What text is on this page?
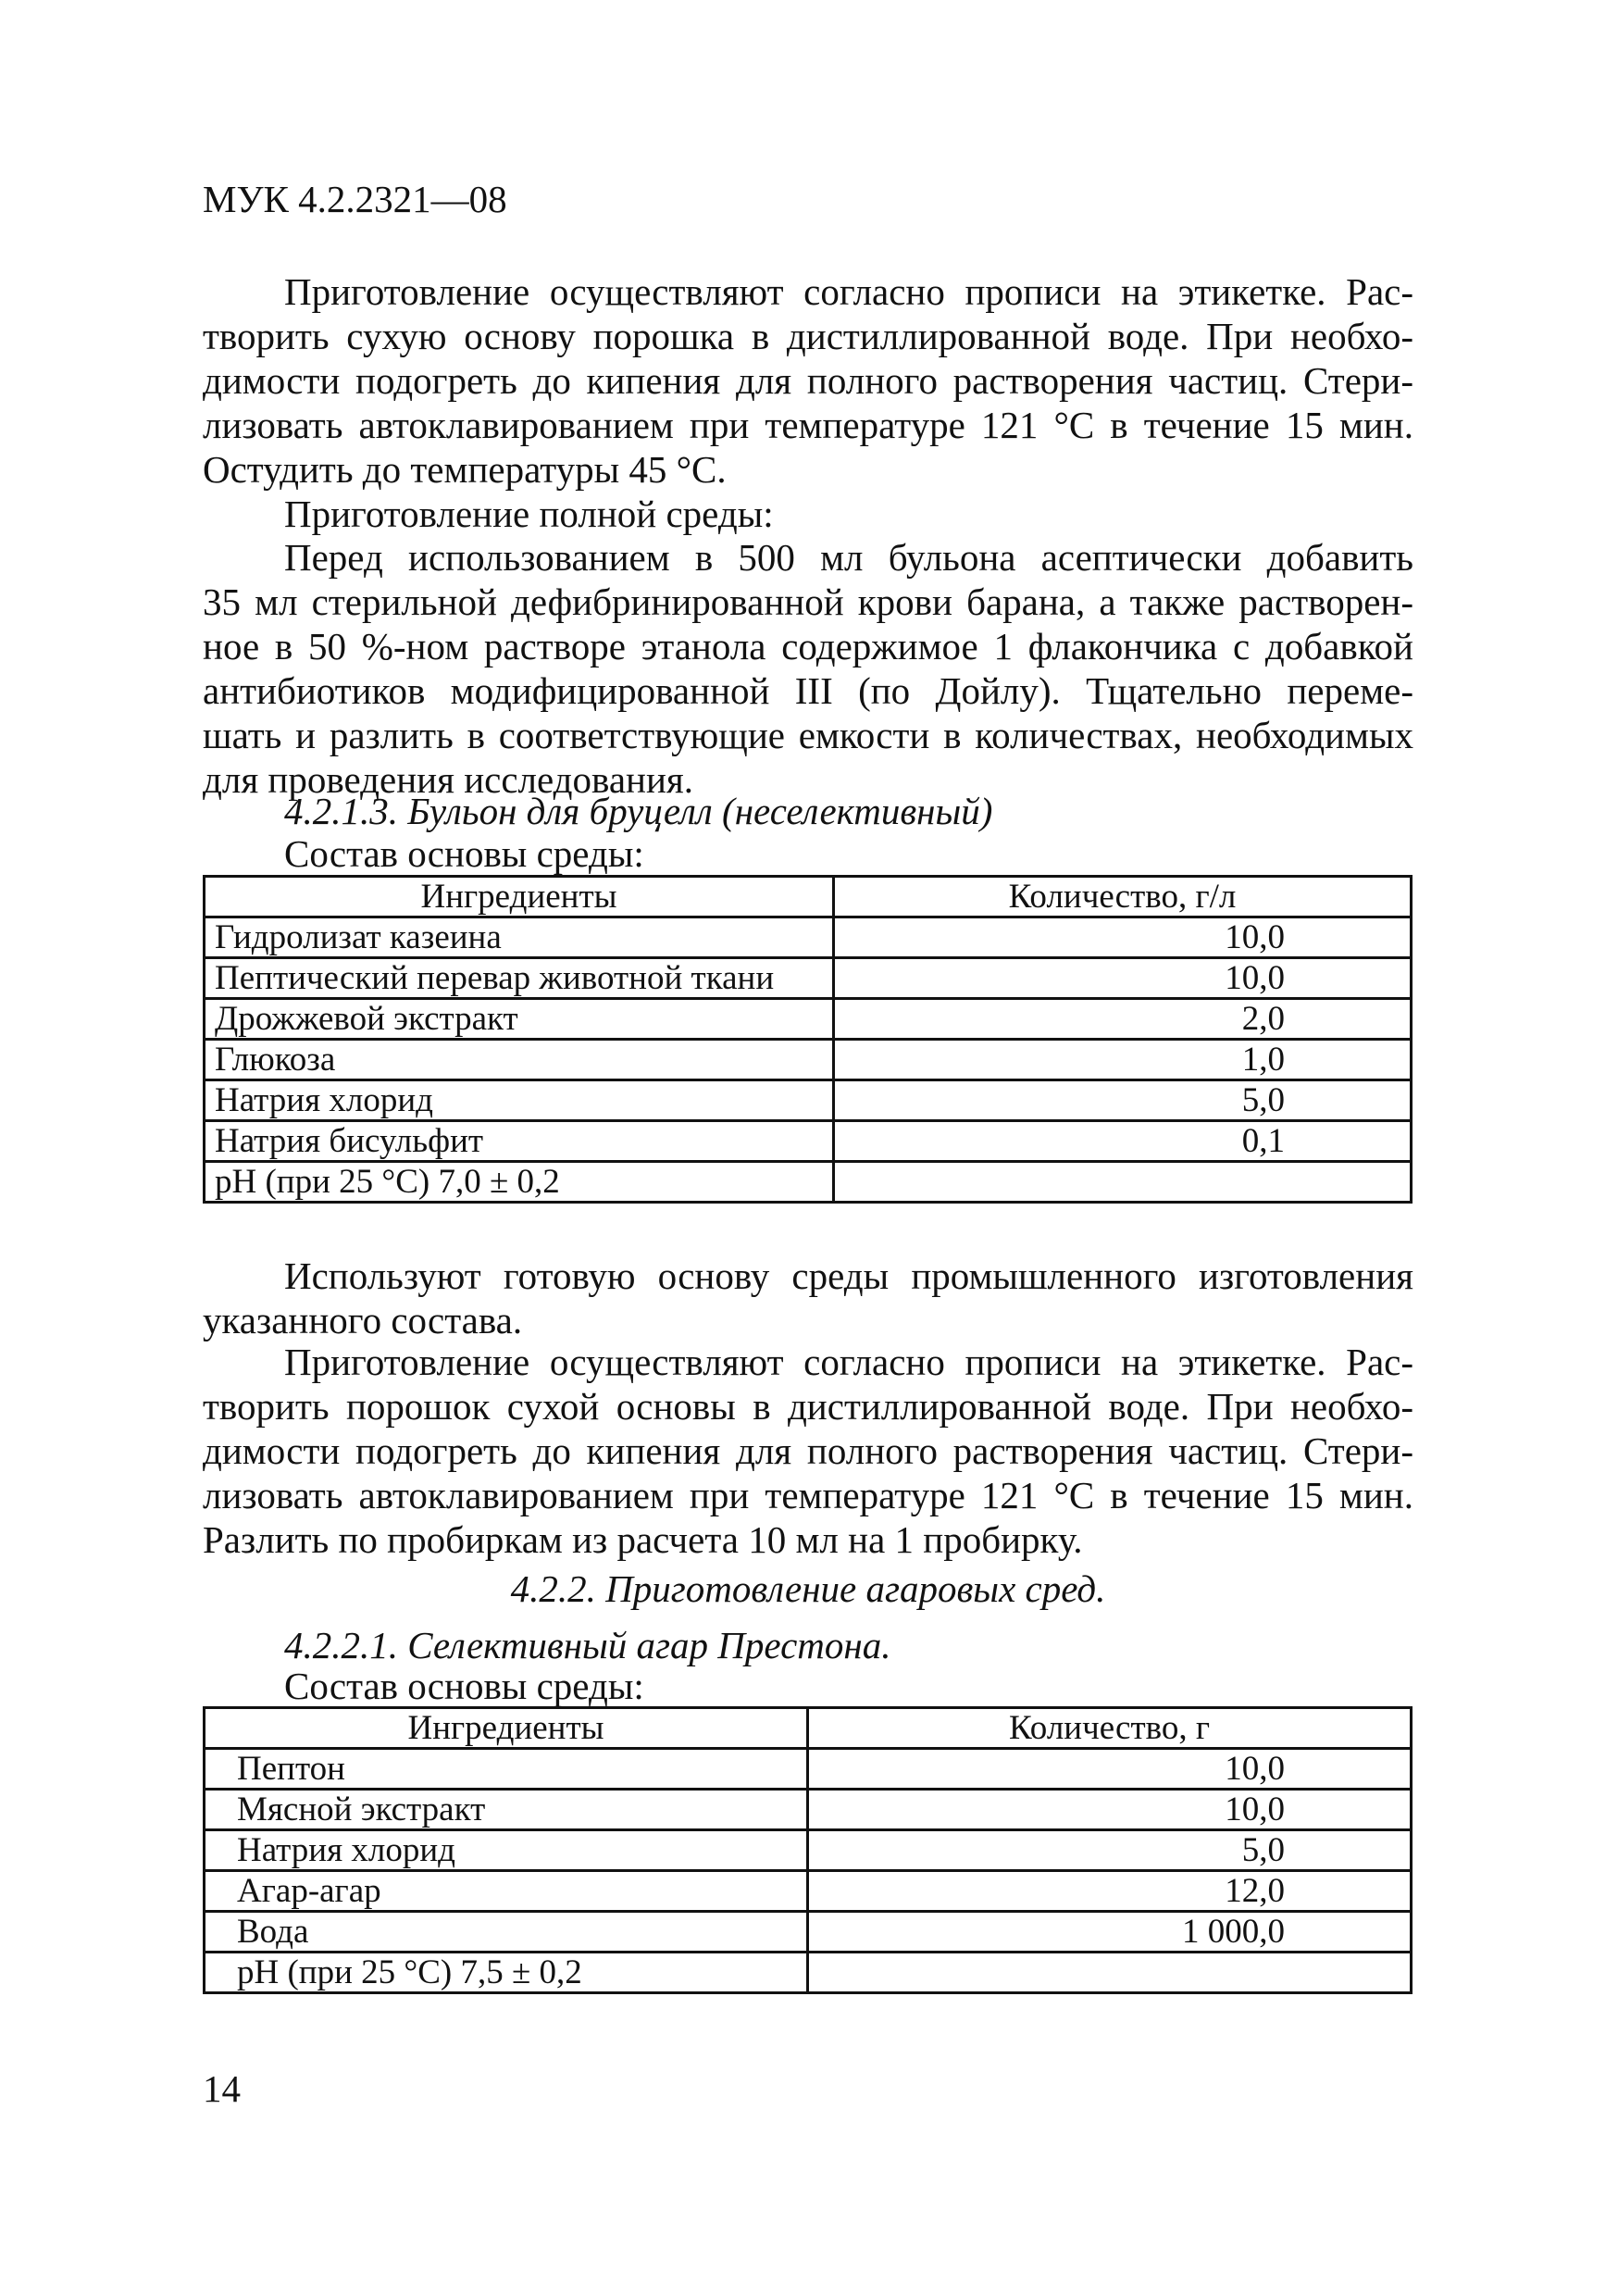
МУК 4.2.2321—08
Приготовление осуществляют согласно прописи на этикетке. Рас-
творить сухую основу порошка в дистиллированной воде. При необхо-
димости подогреть до кипения для полного растворения частиц. Стери-
лизовать автоклавированием при температуре 121 °С в течение 15 мин.
Остудить до температуры 45 °С.
Приготовление полной среды:
Перед использованием в 500 мл бульона асептически добавить
35 мл стерильной дефибринированной крови барана, а также растворен-
ное в 50 %-ном растворе этанола содержимое 1 флакончика с добавкой
антибиотиков модифицированной III (по Дойлу). Тщательно переме-
шать и разлить в соответствующие емкости в количествах, необходимых
для проведения исследования.
4.2.1.3. Бульон для бруцелл (неселективный)
Состав основы среды:
Ингредиенты	Количество, г/л
Гидролизат казеина	10,0
Пептический перевар животной ткани	10,0
Дрожжевой экстракт	2,0
Глюкоза	1,0
Натрия хлорид	5,0
Натрия бисульфит	0,1
pH (при 25 °С) 7,0 ± 0,2	
Используют готовую основу среды промышленного изготовления
указанного состава.
Приготовление осуществляют согласно прописи на этикетке. Рас-
творить порошок сухой основы в дистиллированной воде. При необхо-
димости подогреть до кипения для полного растворения частиц. Стери-
лизовать автоклавированием при температуре 121 °С в течение 15 мин.
Разлить по пробиркам из расчета 10 мл на 1 пробирку.
4.2.2. Приготовление агаровых сред.
4.2.2.1. Селективный агар Престона.
Состав основы среды:
Ингредиенты	Количество, г
Пептон	10,0
Мясной экстракт	10,0
Натрия хлорид	5,0
Агар-агар	12,0
Вода	1 000,0
pH (при 25 °С) 7,5 ± 0,2	
14
